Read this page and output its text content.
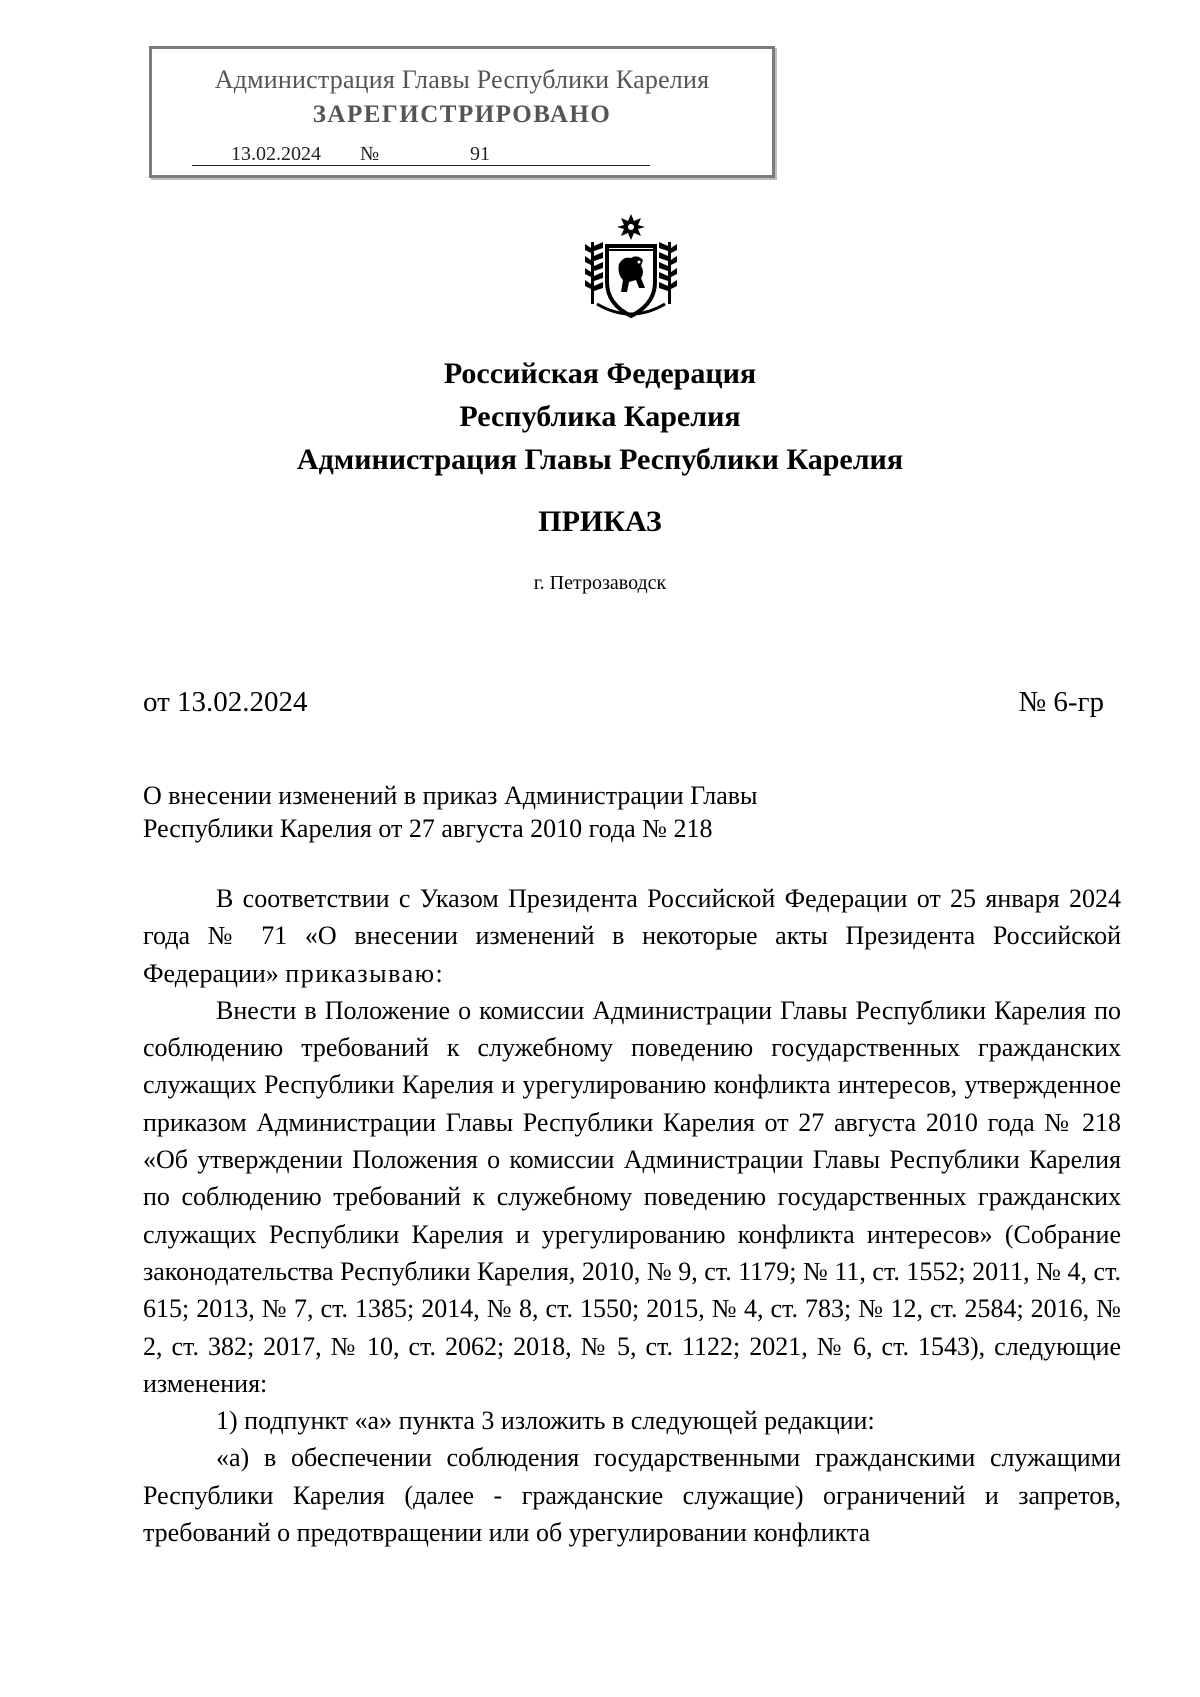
Администрация Главы Республики Карелия
ЗАРЕГИСТРИРОВАНО
13.02.2024 №	91
Российская Федерация
Республика Карелия
Администрация Главы Республики Карелия
ПРИКАЗ
г. Петрозаводск
от 13.02.2024	№ 6-гр
О внесении изменений в приказ Администрации Главы
Республики Карелия от 27 августа 2010 года № 218

В соответствии с Указом Президента Российской Федерации от 25 января 2024 года № 71 «О внесении изменений в некоторые акты Президента Российской Федерации» приказываю:

Внести в Положение о комиссии Администрации Главы Республики Карелия по соблюдению требований к служебному поведению государственных гражданских служащих Республики Карелия и урегулированию конфликта интересов, утвержденное приказом Администрации Главы Республики Карелия от 27 августа 2010 года № 218 «Об утверждении Положения о комиссии Администрации Главы Республики Карелия по соблюдению требований к служебному поведению государственных гражданских служащих Республики Карелия и урегулированию конфликта интересов» (Собрание законодательства Республики Карелия, 2010, № 9, ст. 1179; № 11, ст. 1552; 2011, № 4, ст. 615; 2013, № 7, ст. 1385; 2014, № 8, ст. 1550; 2015, № 4, ст. 783; № 12, ст. 2584; 2016, № 2, ст. 382; 2017, № 10, ст. 2062; 2018, № 5, ст. 1122; 2021, № 6, ст. 1543), следующие изменения:

1) подпункт «а» пункта 3 изложить в следующей редакции:

«а) в обеспечении соблюдения государственными гражданскими служащими Республики Карелия (далее - гражданские служащие) ограничений и запретов, требований о предотвращении или об урегулировании конфликта
